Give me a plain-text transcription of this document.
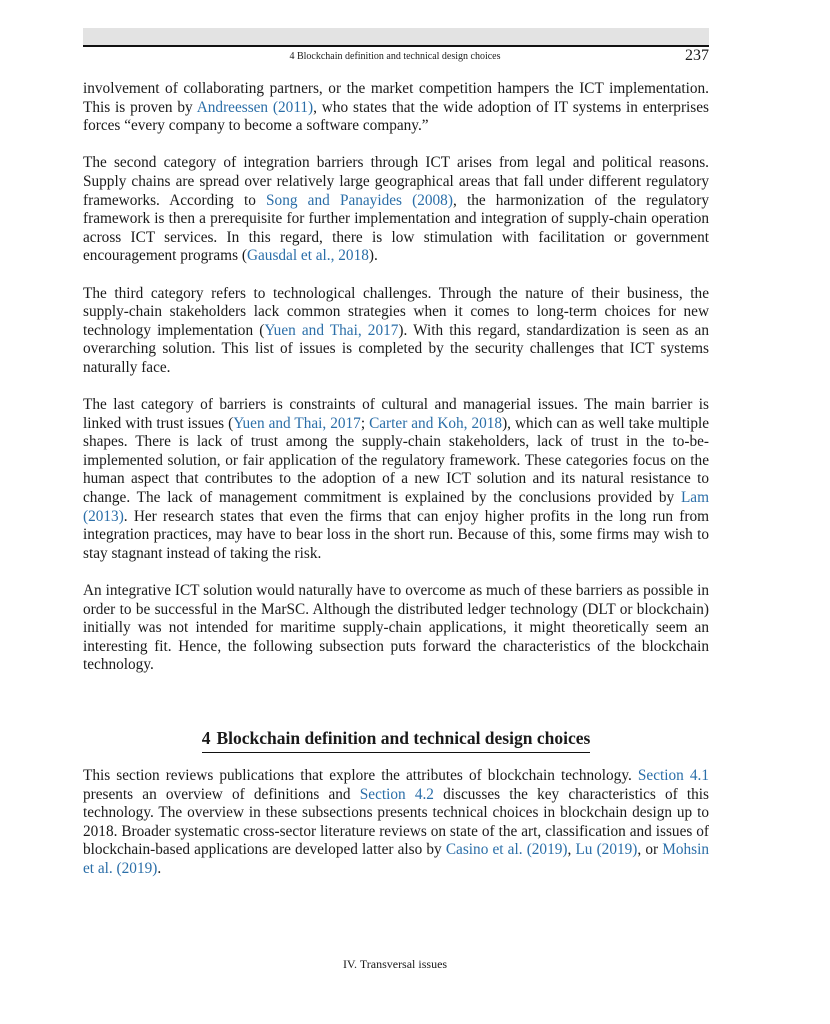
4 Blockchain definition and technical design choices	237

involvement of collaborating partners, or the market competition hampers the ICT implementation. This is proven by Andreessen (2011), who states that the wide adoption of IT systems in enterprises forces “every company to become a software company.”

The second category of integration barriers through ICT arises from legal and political reasons. Supply chains are spread over relatively large geographical areas that fall under different regulatory frameworks. According to Song and Panayides (2008), the harmonization of the regulatory framework is then a prerequisite for further implementation and integration of supply-chain operation across ICT services. In this regard, there is low stimulation with facilitation or government encouragement programs (Gausdal et al., 2018).

The third category refers to technological challenges. Through the nature of their business, the supply-chain stakeholders lack common strategies when it comes to long-term choices for new technology implementation (Yuen and Thai, 2017). With this regard, standardization is seen as an overarching solution. This list of issues is completed by the security challenges that ICT systems naturally face.

The last category of barriers is constraints of cultural and managerial issues. The main barrier is linked with trust issues (Yuen and Thai, 2017; Carter and Koh, 2018), which can as well take multiple shapes. There is lack of trust among the supply-chain stakeholders, lack of trust in the to-be-implemented solution, or fair application of the regulatory framework. These categories focus on the human aspect that contributes to the adoption of a new ICT solution and its natural resistance to change. The lack of management commitment is explained by the conclusions provided by Lam (2013). Her research states that even the firms that can enjoy higher profits in the long run from integration practices, may have to bear loss in the short run. Because of this, some firms may wish to stay stagnant instead of taking the risk.

An integrative ICT solution would naturally have to overcome as much of these barriers as possible in order to be successful in the MarSC. Although the distributed ledger technology (DLT or blockchain) initially was not intended for maritime supply-chain applications, it might theoretically seem an interesting fit. Hence, the following subsection puts forward the characteristics of the blockchain technology.

4 Blockchain definition and technical design choices

This section reviews publications that explore the attributes of blockchain technology. Section 4.1 presents an overview of definitions and Section 4.2 discusses the key characteristics of this technology. The overview in these subsections presents technical choices in blockchain design up to 2018. Broader systematic cross-sector literature reviews on state of the art, classification and issues of blockchain-based applications are developed latter also by Casino et al. (2019), Lu (2019), or Mohsin et al. (2019).

IV. Transversal issues
